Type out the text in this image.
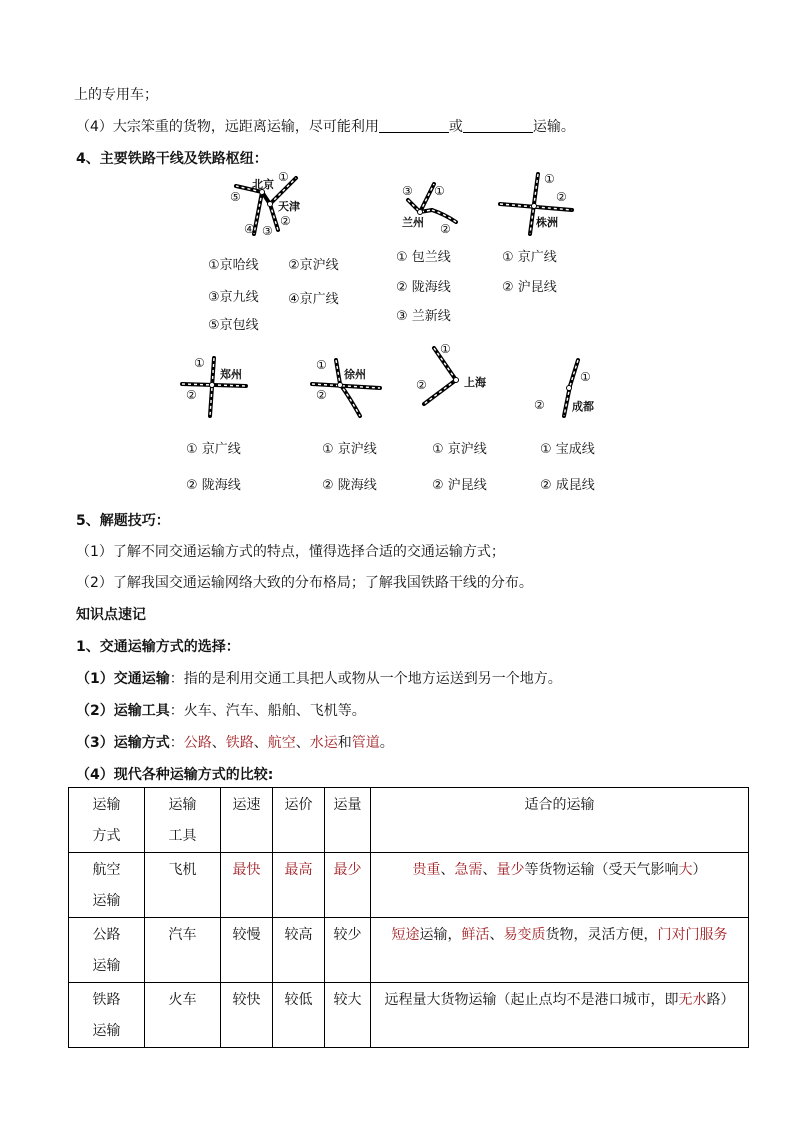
上的专用车；
（4）大宗笨重的货物，远距离运输，尽可能利用	或	运输。
4、主要铁路干线及铁路枢纽：
北京
天津
①
②
③
④
⑤
①京哈线 ②京沪线
③京九线 ④京广线
⑤京包线
③ ①
②
兰州
① 包兰线
② 陇海线
③ 兰新线
①
②
株洲
① 京广线
② 沪昆线
①
②
郑州
① 京广线
② 陇海线
①
②
徐州
① 京沪线
② 陇海线
①
②	上海
① 京沪线
② 沪昆线
①
② 成都
① 宝成线
② 成昆线
5、解题技巧：
（1）了解不同交通运输方式的特点，懂得选择合适的交通运输方式；
（2）了解我国交通运输网络大致的分布格局；了解我国铁路干线的分布。
知识点速记
1、交通运输方式的选择：
（1）交通运输：指的是利用交通工具把人或物从一个地方运送到另一个地方。
（2）运输工具：火车、汽车、船舶、飞机等。
（3）运输方式：公路、铁路、航空、水运和管道。
（4）现代各种运输方式的比较:
运输方式	运输工具	运速	运价	运量	适合的运输
航空运输	飞机	最快	最高	最少	贵重、急需、量少等货物运输（受天气影响大）
公路运输	汽车	较慢	较高	较少	短途运输，鲜活、易变质货物，灵活方便，门对门服务
铁路运输	火车	较快	较低	较大	远程量大货物运输（起止点均不是港口城市，即无水路）
